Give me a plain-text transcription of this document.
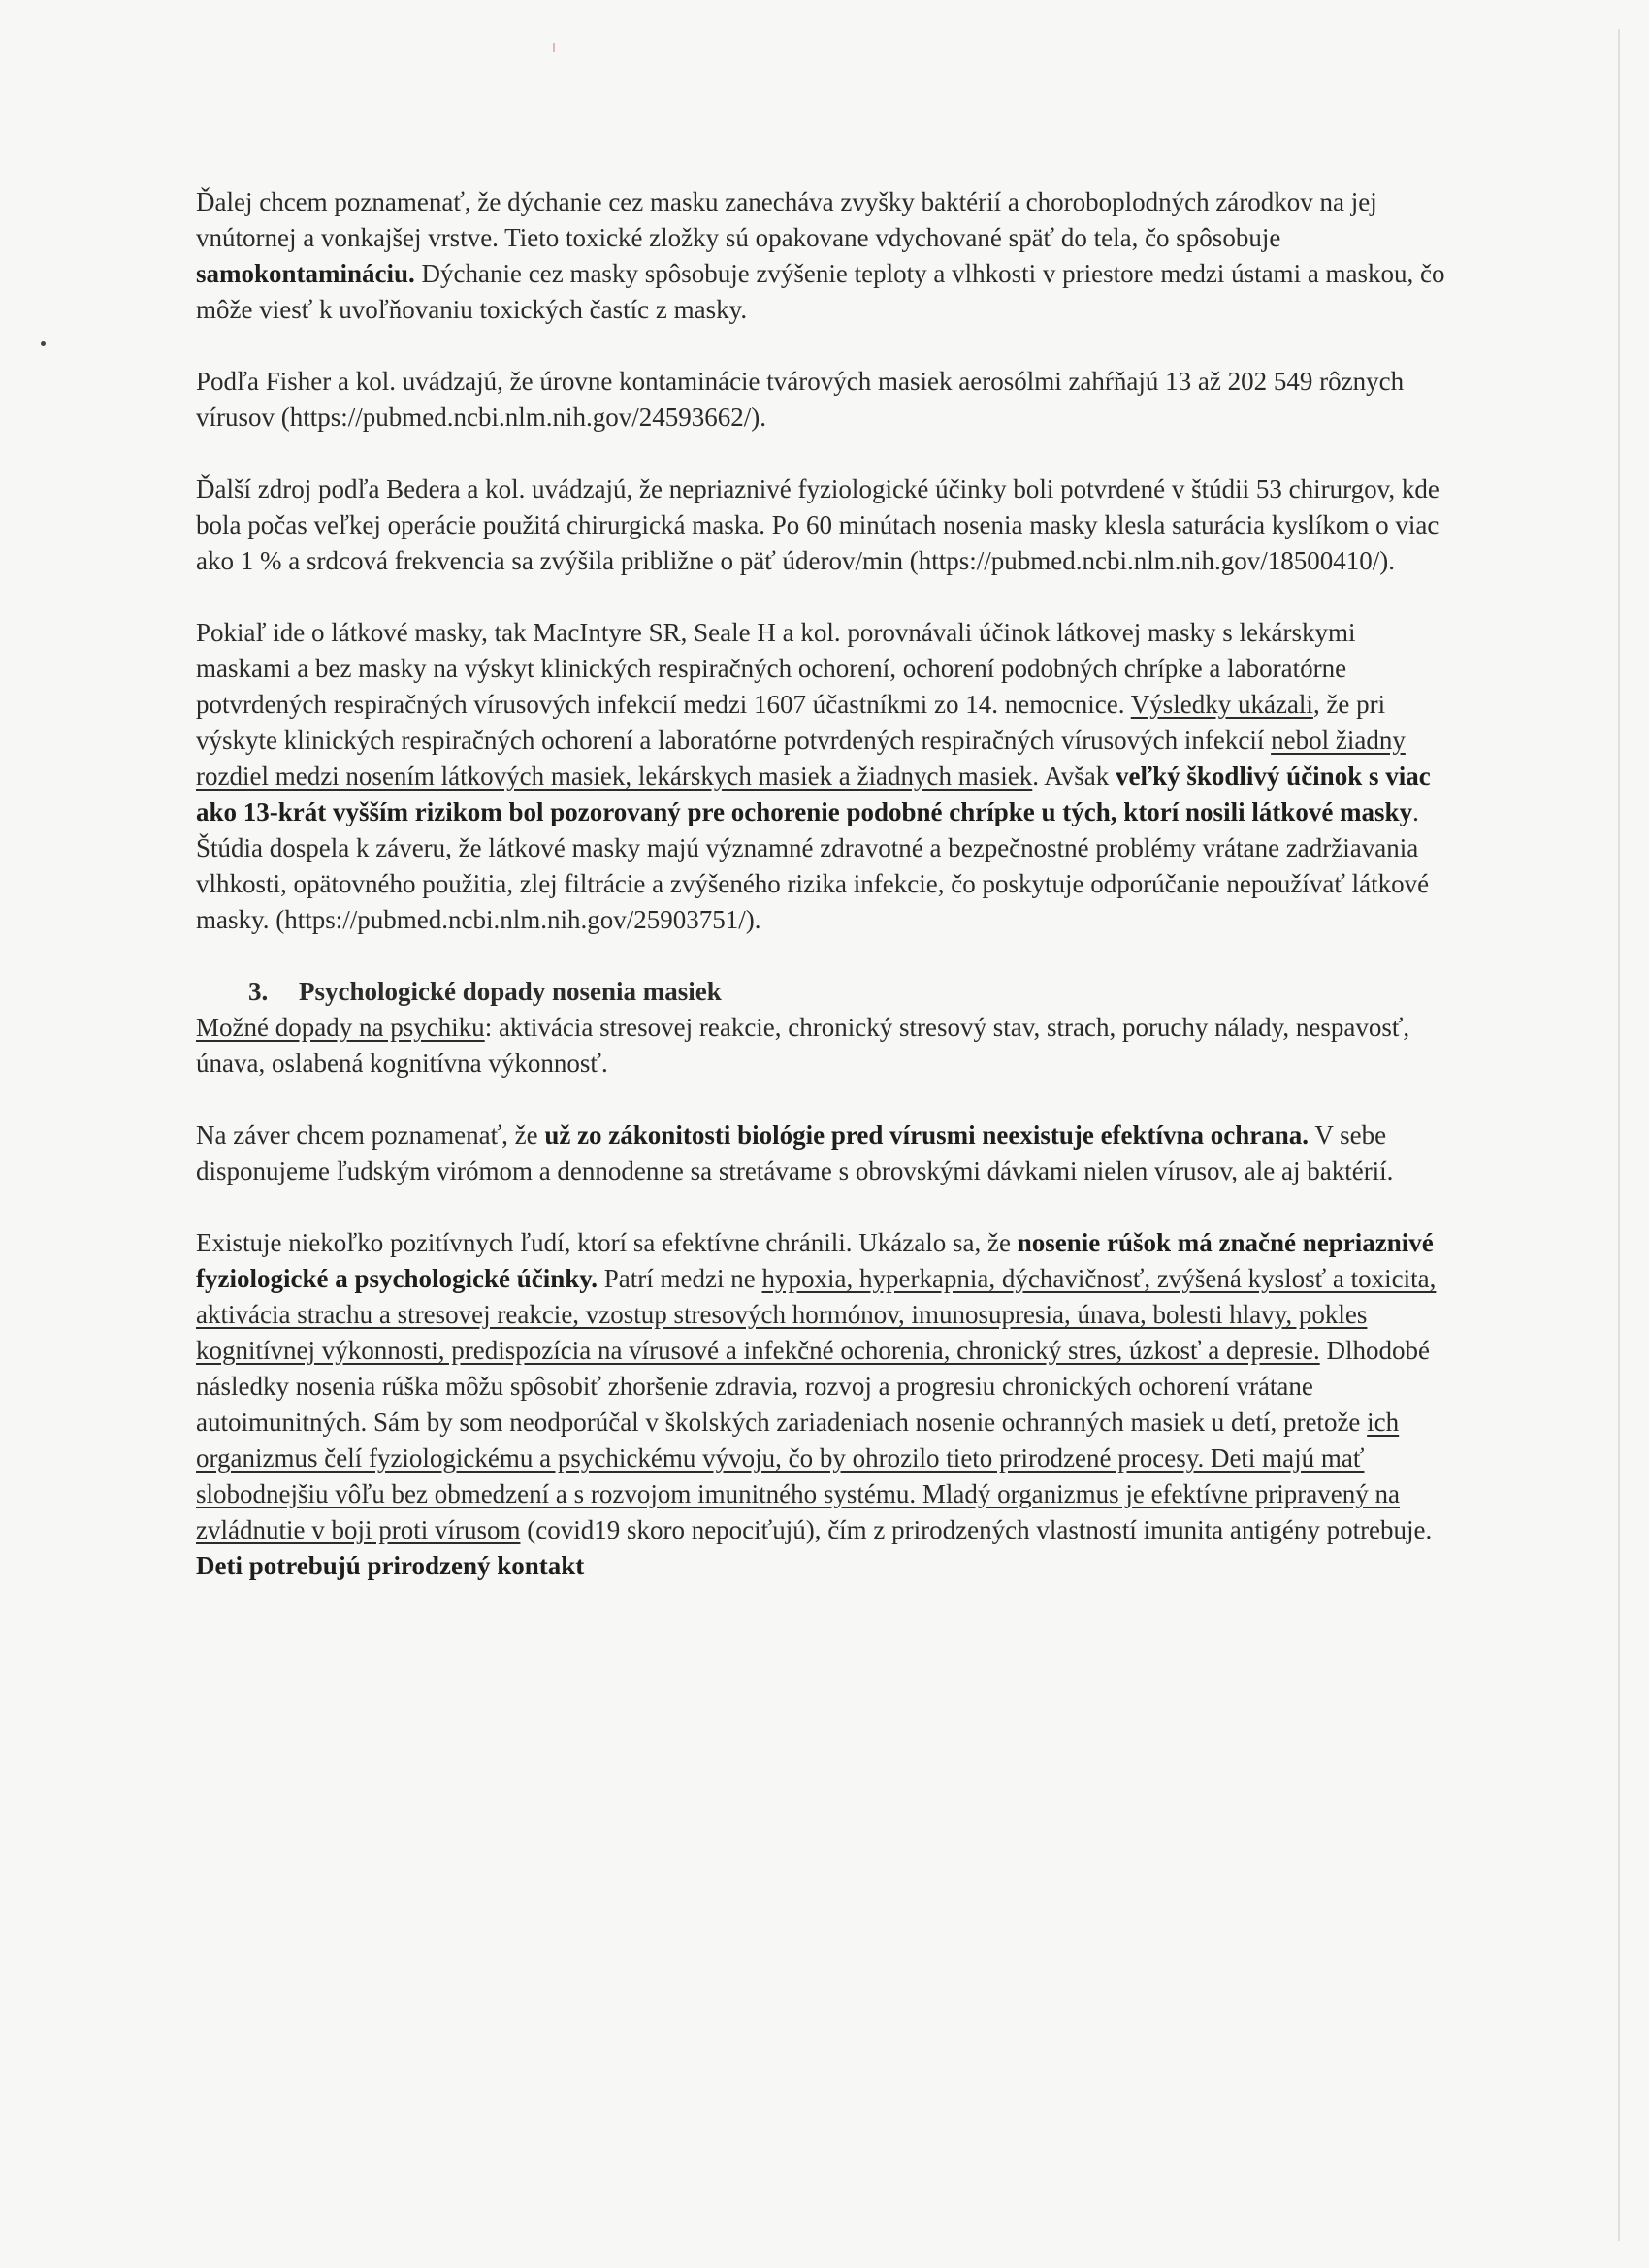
Ďalej chcem poznamenať, že dýchanie cez masku zanecháva zvyšky baktérií a choroboplodných zárodkov na jej vnútornej a vonkajšej vrstve. Tieto toxické zložky sú opakovane vdychované späť do tela, čo spôsobuje samokontamináciu. Dýchanie cez masky spôsobuje zvýšenie teploty a vlhkosti v priestore medzi ústami a maskou, čo môže viesť k uvoľňovaniu toxických častíc z masky.

Podľa Fisher a kol. uvádzajú, že úrovne kontaminácie tvárových masiek aerosólmi zahŕňajú 13 až 202 549 rôznych vírusov (https://pubmed.ncbi.nlm.nih.gov/24593662/).

Ďalší zdroj podľa Bedera a kol. uvádzajú, že nepriaznivé fyziologické účinky boli potvrdené v štúdii 53 chirurgov, kde bola počas veľkej operácie použitá chirurgická maska. Po 60 minútach nosenia masky klesla saturácia kyslíkom o viac ako 1 % a srdcová frekvencia sa zvýšila približne o päť úderov/min (https://pubmed.ncbi.nlm.nih.gov/18500410/).

Pokiaľ ide o látkové masky, tak MacIntyre SR, Seale H a kol. porovnávali účinok látkovej masky s lekárskymi maskami a bez masky na výskyt klinických respiračných ochorení, ochorení podobných chrípke a laboratórne potvrdených respiračných vírusových infekcií medzi 1607 účastníkmi zo 14. nemocnice. Výsledky ukázali, že pri výskyte klinických respiračných ochorení a laboratórne potvrdených respiračných vírusových infekcií nebol žiadny rozdiel medzi nosením látkových masiek, lekárskych masiek a žiadnych masiek. Avšak veľký škodlivý účinok s viac ako 13-krát vyšším rizikom bol pozorovaný pre ochorenie podobné chrípke u tých, ktorí nosili látkové masky. Štúdia dospela k záveru, že látkové masky majú významné zdravotné a bezpečnostné problémy vrátane zadržiavania vlhkosti, opätovného použitia, zlej filtrácie a zvýšeného rizika infekcie, čo poskytuje odporúčanie nepoužívať látkové masky. (https://pubmed.ncbi.nlm.nih.gov/25903751/).

3. Psychologické dopady nosenia masiek

Možné dopady na psychiku: aktivácia stresovej reakcie, chronický stresový stav, strach, poruchy nálady, nespavosť, únava, oslabená kognitívna výkonnosť.

Na záver chcem poznamenať, že už zo zákonitosti biológie pred vírusmi neexistuje efektívna ochrana. V sebe disponujeme ľudským virómom a dennodenne sa stretávame s obrovskými dávkami nielen vírusov, ale aj baktérií.

Existuje niekoľko pozitívnych ľudí, ktorí sa efektívne chránili. Ukázalo sa, že nosenie rúšok má značné nepriaznivé fyziologické a psychologické účinky. Patrí medzi ne hypoxia, hyperkapnia, dýchavičnosť, zvýšená kyslosť a toxicita, aktivácia strachu a stresovej reakcie, vzostup stresových hormónov, imunosupresia, únava, bolesti hlavy, pokles kognitívnej výkonnosti, predispozícia na vírusové a infekčné ochorenia, chronický stres, úzkosť a depresie. Dlhodobé následky nosenia rúška môžu spôsobiť zhoršenie zdravia, rozvoj a progresiu chronických ochorení vrátane autoimunitných. Sám by som neodporúčal v školských zariadeniach nosenie ochranných masiek u detí, pretože ich organizmus čelí fyziologickému a psychickému vývoju, čo by ohrozilo tieto prirodzené procesy. Deti majú mať slobodnejšiu vôľu bez obmedzení a s rozvojom imunitného systému. Mladý organizmus je efektívne pripravený na zvládnutie v boji proti vírusom (covid19 skoro nepociťujú), čím z prirodzených vlastností imunita antigény potrebuje. Deti potrebujú prirodzený kontakt
